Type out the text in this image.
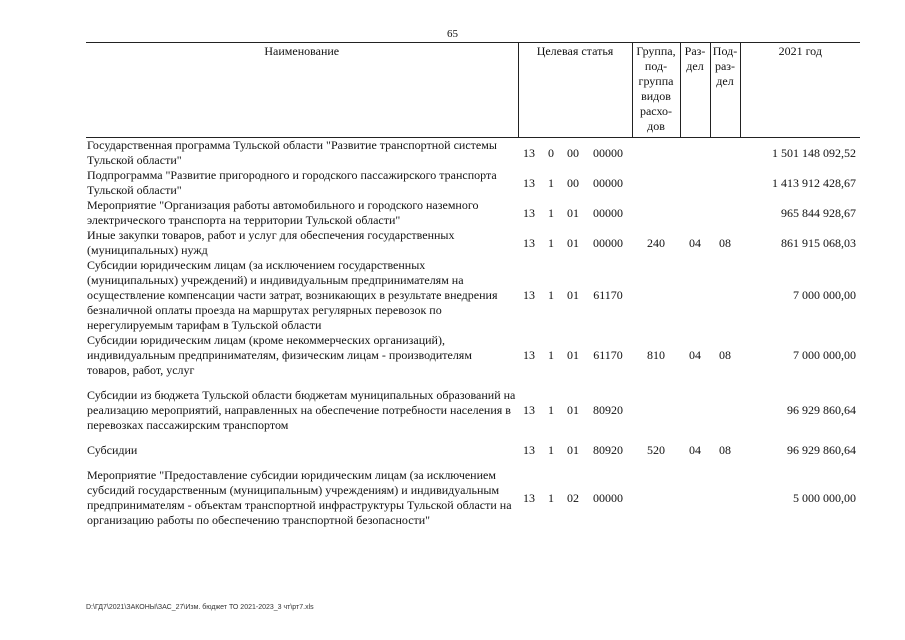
65
Наименование	Целевая статья				Группа, под-группа видов расхо-дов	Раз-дел	Под-раз-дел	2021 год
Государственная программа Тульской области "Развитие транспортной системы Тульской области"	13	0	00	00000				1 501 148 092,52
Подпрограмма "Развитие пригородного и городского пассажирского транспорта Тульской области"	13	1	00	00000				1 413 912 428,67
Мероприятие "Организация работы автомобильного и городского наземного электрического транспорта на территории Тульской области"	13	1	01	00000				965 844 928,67
Иные закупки товаров, работ и услуг для обеспечения государственных (муниципальных) нужд	13	1	01	00000	240	04	08	861 915 068,03
Субсидии юридическим лицам (за исключением государственных (муниципальных) учреждений) и индивидуальным предпринимателям на осуществление компенсации части затрат, возникающих в результате внедрения безналичной оплаты проезда на маршрутах регулярных перевозок по нерегулируемым тарифам в Тульской области	13	1	01	61170				7 000 000,00
Субсидии юридическим лицам (кроме некоммерческих организаций), индивидуальным предпринимателям, физическим лицам - производителям товаров, работ, услуг	13	1	01	61170	810	04	08	7 000 000,00
Субсидии из бюджета Тульской области бюджетам муниципальных образований на реализацию мероприятий, направленных на обеспечение потребности населения в перевозках пассажирским транспортом	13	1	01	80920				96 929 860,64
Субсидии	13	1	01	80920	520	04	08	96 929 860,64
Мероприятие "Предоставление субсидии юридическим лицам (за исключением субсидий государственным (муниципальным) учреждениям) и индивидуальным предпринимателям - объектам транспортной инфраструктуры Тульской области на организацию работы по обеспечению транспортной безопасности"	13	1	02	00000				5 000 000,00
D:\ГД7\2021\ЗАКОНЫ\ЗАС_27\Изм. бюджет ТО 2021-2023_3 чт\рт7.xls
